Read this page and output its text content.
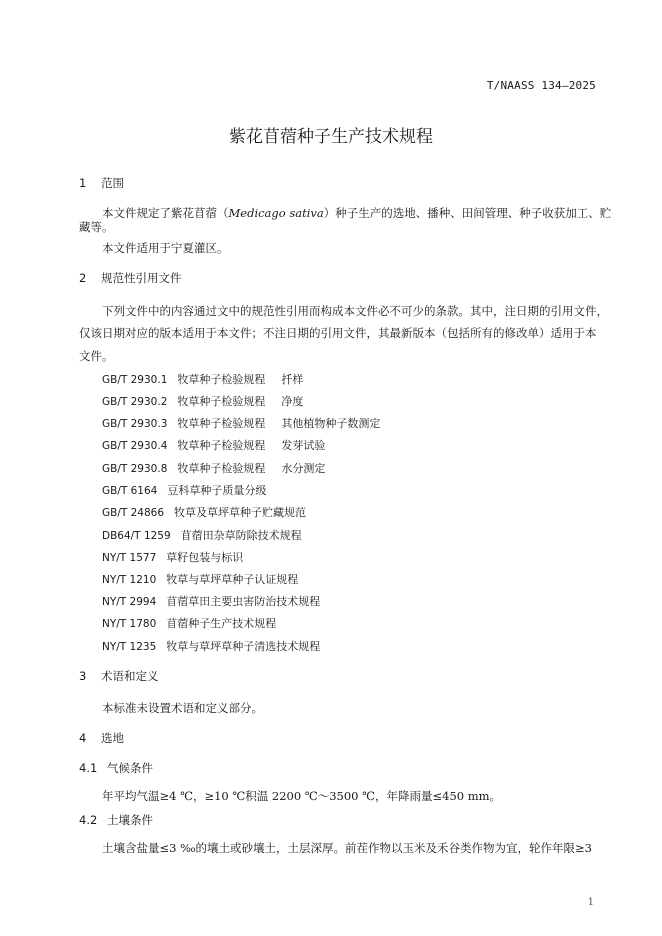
T/NAASS 134—2025
紫花苜蓿种子生产技术规程
1 范围
本文件规定了紫花苜蓿（Medicago sativa）种子生产的选地、播种、田间管理、种子收获加工、贮
藏等。
本文件适用于宁夏灌区。
2 规范性引用文件
下列文件中的内容通过文中的规范性引用而构成本文件必不可少的条款。其中，注日期的引用文件，
仅该日期对应的版本适用于本文件；不注日期的引用文件，其最新版本（包括所有的修改单）适用于本
文件。
GB/T 2930.1 牧草种子检验规程 扦样
GB/T 2930.2 牧草种子检验规程 净度
GB/T 2930.3 牧草种子检验规程 其他植物种子数测定
GB/T 2930.4 牧草种子检验规程 发芽试验
GB/T 2930.8 牧草种子检验规程 水分测定
GB/T 6164 豆科草种子质量分级
GB/T 24866 牧草及草坪草种子贮藏规范
DB64/T 1259 苜蓿田杂草防除技术规程
NY/T 1577 草籽包装与标识
NY/T 1210 牧草与草坪草种子认证规程
NY/T 2994 苜蓿草田主要虫害防治技术规程
NY/T 1780 苜蓿种子生产技术规程
NY/T 1235 牧草与草坪草种子清选技术规程
3 术语和定义
本标准未设置术语和定义部分。
4 选地
4.1 气候条件
年平均气温≥4 ℃，≥10 ℃积温 2200 ℃～3500 ℃，年降雨量≤450 mm。
4.2 土壤条件
土壤含盐量≤3 ‰的壤土或砂壤土，土层深厚。前茬作物以玉米及禾谷类作物为宜，轮作年限≥3
1
